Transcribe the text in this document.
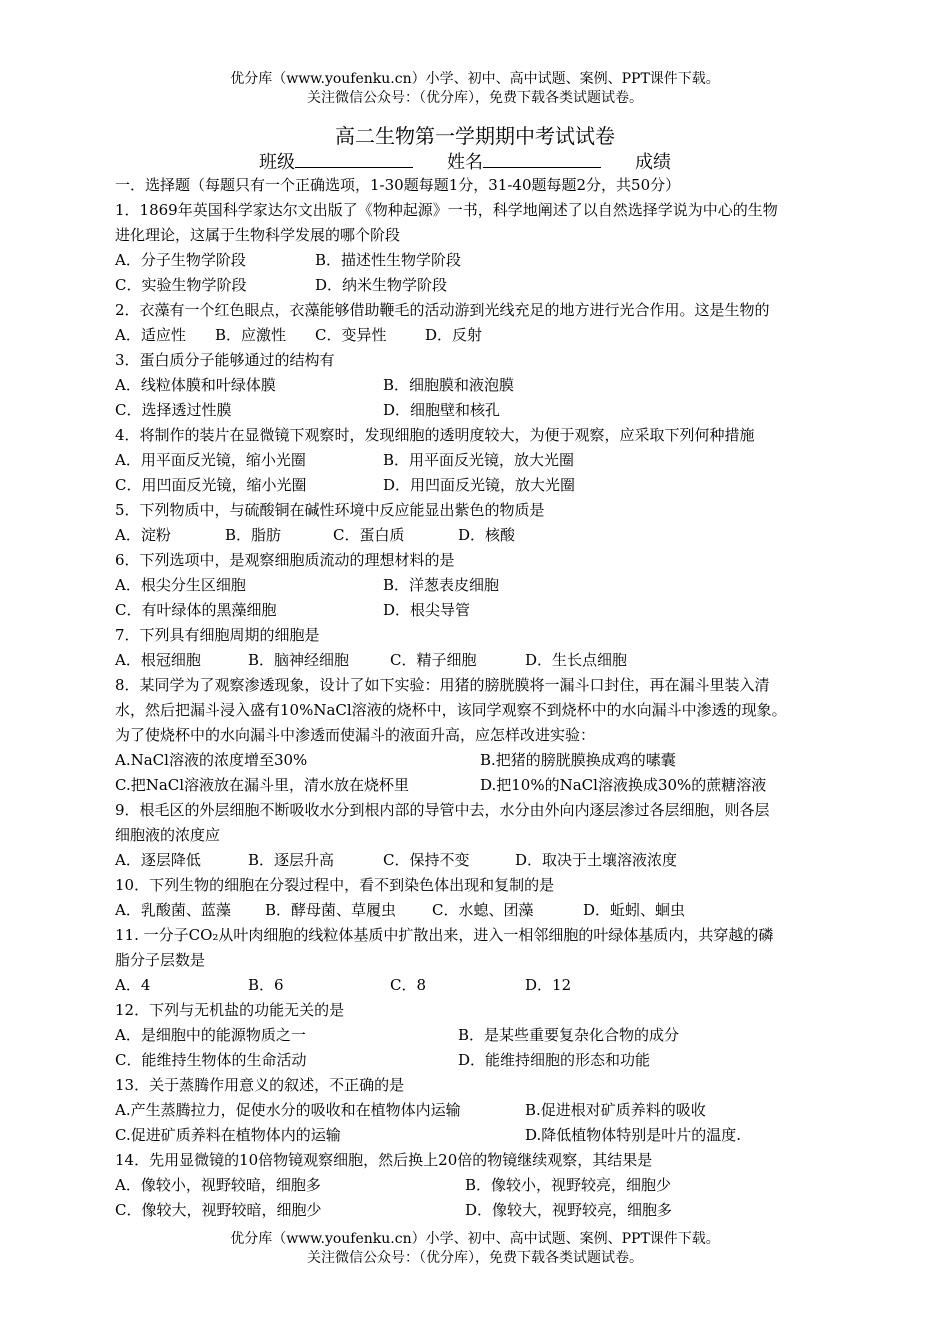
优分库（www.youfenku.cn）小学、初中、高中试题、案例、PPT课件下载。
关注微信公众号：（优分库），免费下载各类试题试卷。
高二生物第一学期期中考试试卷
班级	姓名	成绩
一．选择题（每题只有一个正确选项，1-30题每题1分，31-40题每题2分，共50分）
1．1869年英国科学家达尔文出版了《物种起源》一书，科学地阐述了以自然选择学说为中心的生物
进化理论，这属于生物科学发展的哪个阶段
A．分子生物学阶段	B．描述性生物学阶段
C．实验生物学阶段	D．纳米生物学阶段
2．衣藻有一个红色眼点，衣藻能够借助鞭毛的活动游到光线充足的地方进行光合作用。这是生物的
A．适应性 B．应激性 C．变异性	D．反射
3．蛋白质分子能够通过的结构有
A．线粒体膜和叶绿体膜	B．细胞膜和液泡膜
C．选择透过性膜	D．细胞壁和核孔
4．将制作的装片在显微镜下观察时，发现细胞的透明度较大，为便于观察，应采取下列何种措施
A．用平面反光镜，缩小光圈	B．用平面反光镜，放大光圈
C．用凹面反光镜，缩小光圈	D．用凹面反光镜，放大光圈
5．下列物质中，与硫酸铜在碱性环境中反应能显出紫色的物质是
A．淀粉	B．脂肪	C．蛋白质	D．核酸
6．下列选项中，是观察细胞质流动的理想材料的是
A．根尖分生区细胞	B．洋葱表皮细胞
C．有叶绿体的黑藻细胞	D．根尖导管
7．下列具有细胞周期的细胞是
A．根冠细胞	B．脑神经细胞	C．精子细胞	D．生长点细胞
8．某同学为了观察渗透现象，设计了如下实验：用猪的膀胱膜将一漏斗口封住，再在漏斗里装入清
水，然后把漏斗浸入盛有10%NaCl溶液的烧杯中，该同学观察不到烧杯中的水向漏斗中渗透的现象。
为了使烧杯中的水向漏斗中渗透而使漏斗的液面升高，应怎样改进实验：
A.NaCl溶液的浓度增至30%	B.把猪的膀胱膜换成鸡的嗉囊
C.把NaCl溶液放在漏斗里，清水放在烧杯里	D.把10%的NaCl溶液换成30%的蔗糖溶液
9．根毛区的外层细胞不断吸收水分到根内部的导管中去，水分由外向内逐层渗过各层细胞，则各层
细胞液的浓度应
A．逐层降低	B．逐层升高	C．保持不变	D．取决于土壤溶液浓度
10．下列生物的细胞在分裂过程中，看不到染色体出现和复制的是
A．乳酸菌、蓝藻 B．酵母菌、草履虫 C．水螅、团藻	D．蚯蚓、蛔虫
11. 一分子CO₂从叶肉细胞的线粒体基质中扩散出来，进入一相邻细胞的叶绿体基质内，共穿越的磷
脂分子层数是
A．4	B．6	C．8	D．12
12．下列与无机盐的功能无关的是
A．是细胞中的能源物质之一	B．是某些重要复杂化合物的成分
C．能维持生物体的生命活动	D．能维持细胞的形态和功能
13．关于蒸腾作用意义的叙述，不正确的是
A.产生蒸腾拉力，促使水分的吸收和在植物体内运输	B.促进根对矿质养料的吸收
C.促进矿质养料在植物体内的运输	D.降低植物体特别是叶片的温度.
14．先用显微镜的10倍物镜观察细胞，然后换上20倍的物镜继续观察，其结果是
A．像较小，视野较暗，细胞多	B．像较小，视野较亮，细胞少
C．像较大，视野较暗，细胞少	D．像较大，视野较亮，细胞多
优分库（www.youfenku.cn）小学、初中、高中试题、案例、PPT课件下载。
关注微信公众号：（优分库），免费下载各类试题试卷。
